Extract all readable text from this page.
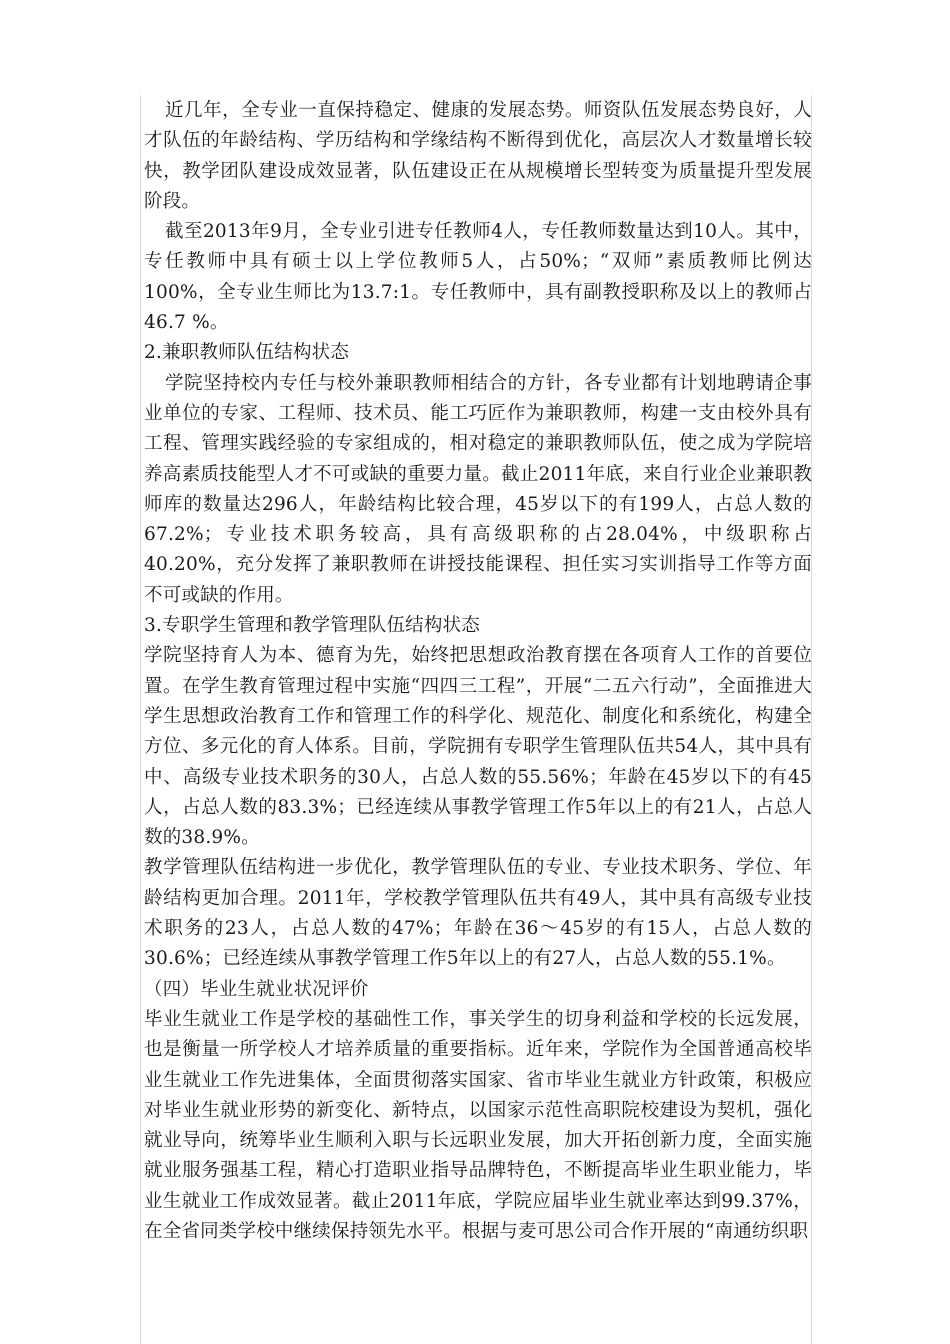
近几年，全专业一直保持稳定、健康的发展态势。师资队伍发展态势良好，人才队伍的年龄结构、学历结构和学缘结构不断得到优化，高层次人才数量增长较快，教学团队建设成效显著，队伍建设正在从规模增长型转变为质量提升型发展阶段。

截至2013年9月，全专业引进专任教师4人，专任教师数量达到10人。其中，专任教师中具有硕士以上学位教师5人，占50%；“双师”素质教师比例达100%，全专业生师比为13.7:1。专任教师中，具有副教授职称及以上的教师占46.7 %。

2.兼职教师队伍结构状态

学院坚持校内专任与校外兼职教师相结合的方针，各专业都有计划地聘请企事业单位的专家、工程师、技术员、能工巧匠作为兼职教师，构建一支由校外具有工程、管理实践经验的专家组成的，相对稳定的兼职教师队伍，使之成为学院培养高素质技能型人才不可或缺的重要力量。截止2011年底，来自行业企业兼职教师库的数量达296人，年龄结构比较合理，45岁以下的有199人，占总人数的67.2%；专业技术职务较高，具有高级职称的占28.04%，中级职称占40.20%，充分发挥了兼职教师在讲授技能课程、担任实习实训指导工作等方面不可或缺的作用。

3.专职学生管理和教学管理队伍结构状态

学院坚持育人为本、德育为先，始终把思想政治教育摆在各项育人工作的首要位置。在学生教育管理过程中实施“四四三工程”，开展“二五六行动”，全面推进大学生思想政治教育工作和管理工作的科学化、规范化、制度化和系统化，构建全方位、多元化的育人体系。目前，学院拥有专职学生管理队伍共54人，其中具有中、高级专业技术职务的30人，占总人数的55.56%；年龄在45岁以下的有45人，占总人数的83.3%；已经连续从事教学管理工作5年以上的有21人，占总人数的38.9%。

教学管理队伍结构进一步优化，教学管理队伍的专业、专业技术职务、学位、年龄结构更加合理。2011年，学校教学管理队伍共有49人，其中具有高级专业技术职务的23人，占总人数的47%；年龄在36～45岁的有15人，占总人数的30.6%；已经连续从事教学管理工作5年以上的有27人，占总人数的55.1%。

（四）毕业生就业状况评价

毕业生就业工作是学校的基础性工作，事关学生的切身利益和学校的长远发展，也是衡量一所学校人才培养质量的重要指标。近年来，学院作为全国普通高校毕业生就业工作先进集体，全面贯彻落实国家、省市毕业生就业方针政策，积极应对毕业生就业形势的新变化、新特点，以国家示范性高职院校建设为契机，强化就业导向，统筹毕业生顺利入职与长远职业发展，加大开拓创新力度，全面实施就业服务强基工程，精心打造职业指导品牌特色，不断提高毕业生职业能力，毕业生就业工作成效显著。截止2011年底，学院应届毕业生就业率达到99.37%，在全省同类学校中继续保持领先水平。根据与麦可思公司合作开展的“南通纺织职
